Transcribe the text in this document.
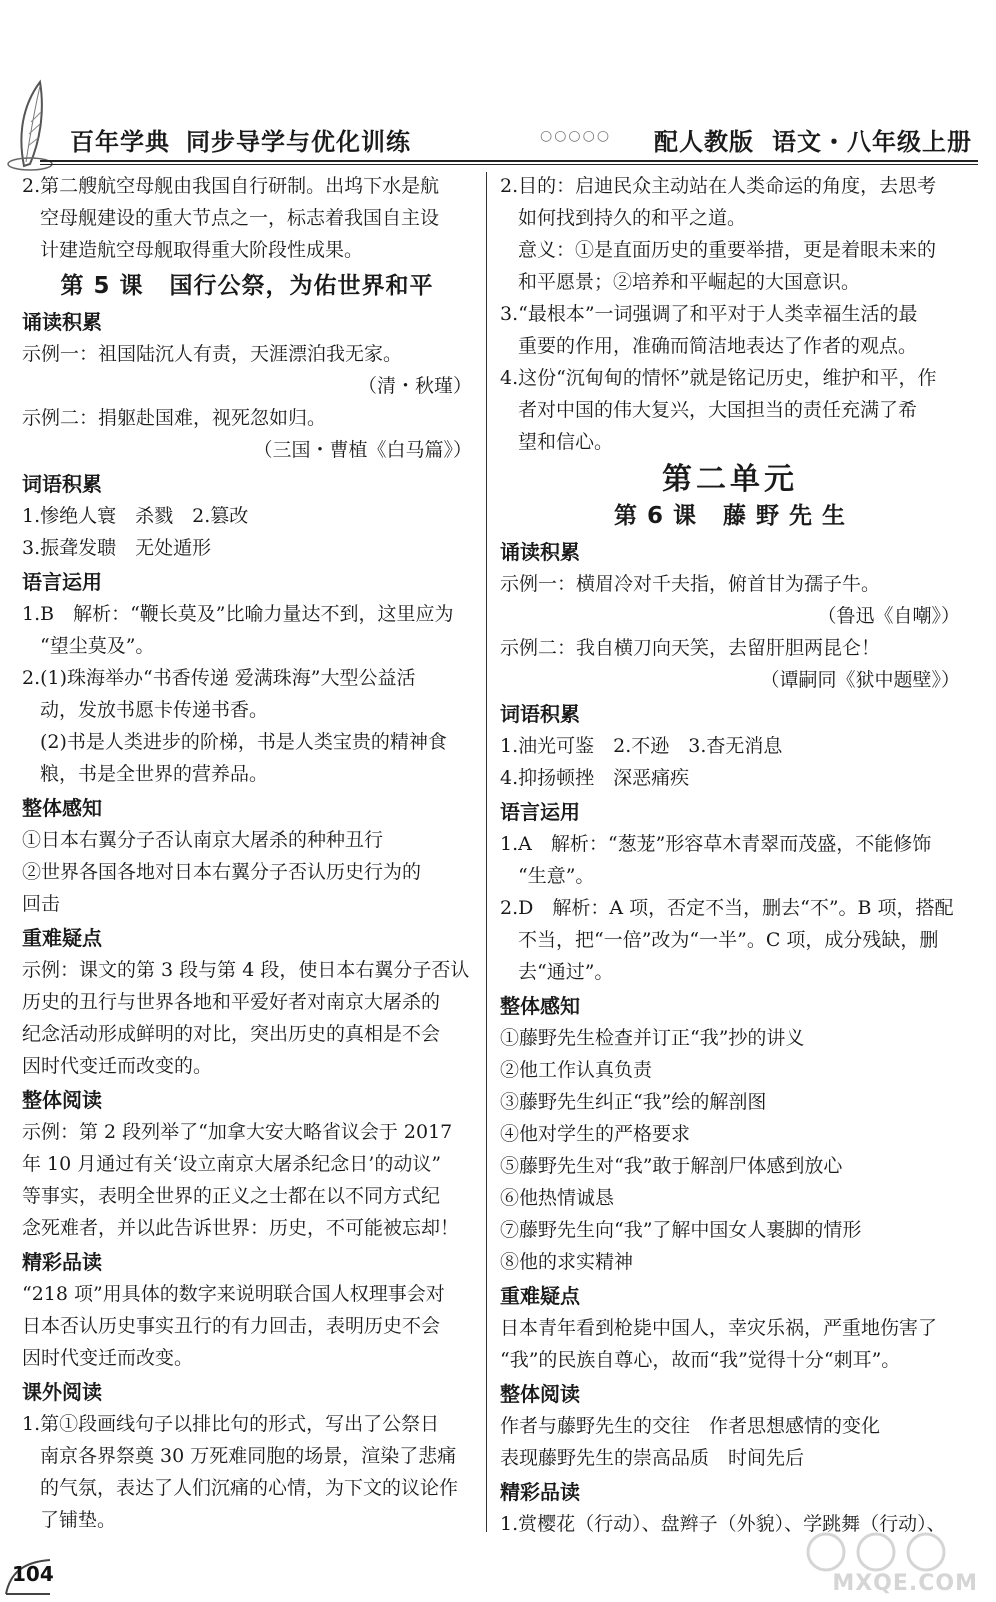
百年学典 同步导学与优化训练	○○○○○ 配人教版 语文・八年级上册

2.第二艘航空母舰由我国自行研制。出坞下水是航

空母舰建设的重大节点之一，标志着我国自主设

计建造航空母舰取得重大阶段性成果。

第 5 课 国行公祭，为佑世界和平

诵读积累

示例一：祖国陆沉人有责，天涯漂泊我无家。

（清・秋瑾）

示例二：捐躯赴国难，视死忽如归。

（三国・曹植《白马篇》）

词语积累

1.惨绝人寰　杀戮　2.篡改

3.振聋发聩　无处遁形

语言运用

1.B　解析：“鞭长莫及”比喻力量达不到，这里应为

“望尘莫及”。

2.(1)珠海举办“书香传递 爱满珠海”大型公益活

动，发放书愿卡传递书香。

(2)书是人类进步的阶梯，书是人类宝贵的精神食

粮，书是全世界的营养品。

整体感知

①日本右翼分子否认南京大屠杀的种种丑行

②世界各国各地对日本右翼分子否认历史行为的

回击

重难疑点

示例：课文的第 3 段与第 4 段，使日本右翼分子否认

历史的丑行与世界各地和平爱好者对南京大屠杀的

纪念活动形成鲜明的对比，突出历史的真相是不会

因时代变迁而改变的。

整体阅读

示例：第 2 段列举了“加拿大安大略省议会于 2017

年 10 月通过有关‘设立南京大屠杀纪念日’的动议”

等事实，表明全世界的正义之士都在以不同方式纪

念死难者，并以此告诉世界：历史，不可能被忘却！

精彩品读

“218 项”用具体的数字来说明联合国人权理事会对

日本否认历史事实丑行的有力回击，表明历史不会

因时代变迁而改变。

课外阅读

1.第①段画线句子以排比句的形式，写出了公祭日

南京各界祭奠 30 万死难同胞的场景，渲染了悲痛

的气氛，表达了人们沉痛的心情，为下文的议论作

了铺垫。

2.目的：启迪民众主动站在人类命运的角度，去思考

如何找到持久的和平之道。

意义：①是直面历史的重要举措，更是着眼未来的

和平愿景；②培养和平崛起的大国意识。

3.“最根本”一词强调了和平对于人类幸福生活的最

重要的作用，准确而简洁地表达了作者的观点。

4.这份“沉甸甸的情怀”就是铭记历史，维护和平，作

者对中国的伟大复兴，大国担当的责任充满了希

望和信心。

第二单元

第 6 课 藤 野 先 生

诵读积累

示例一：横眉冷对千夫指，俯首甘为孺子牛。

（鲁迅《自嘲》）

示例二：我自横刀向天笑，去留肝胆两昆仑！

（谭嗣同《狱中题壁》）

词语积累

1.油光可鉴　2.不逊　3.杳无消息

4.抑扬顿挫　深恶痛疾

语言运用

1.A　解析：“葱茏”形容草木青翠而茂盛，不能修饰

“生意”。

2.D　解析：A 项，否定不当，删去“不”。B 项，搭配

不当，把“一倍”改为“一半”。C 项，成分残缺，删

去“通过”。

整体感知

①藤野先生检查并订正“我”抄的讲义

②他工作认真负责

③藤野先生纠正“我”绘的解剖图

④他对学生的严格要求

⑤藤野先生对“我”敢于解剖尸体感到放心

⑥他热情诚恳

⑦藤野先生向“我”了解中国女人裹脚的情形

⑧他的求实精神

重难疑点

日本青年看到枪毙中国人，幸灾乐祸，严重地伤害了

“我”的民族自尊心，故而“我”觉得十分“刺耳”。

整体阅读

作者与藤野先生的交往　作者思想感情的变化

表现藤野先生的崇高品质　时间先后

精彩品读

1.赏樱花（行动）、盘辫子（外貌）、学跳舞（行动）、

104	MXQE.COM
